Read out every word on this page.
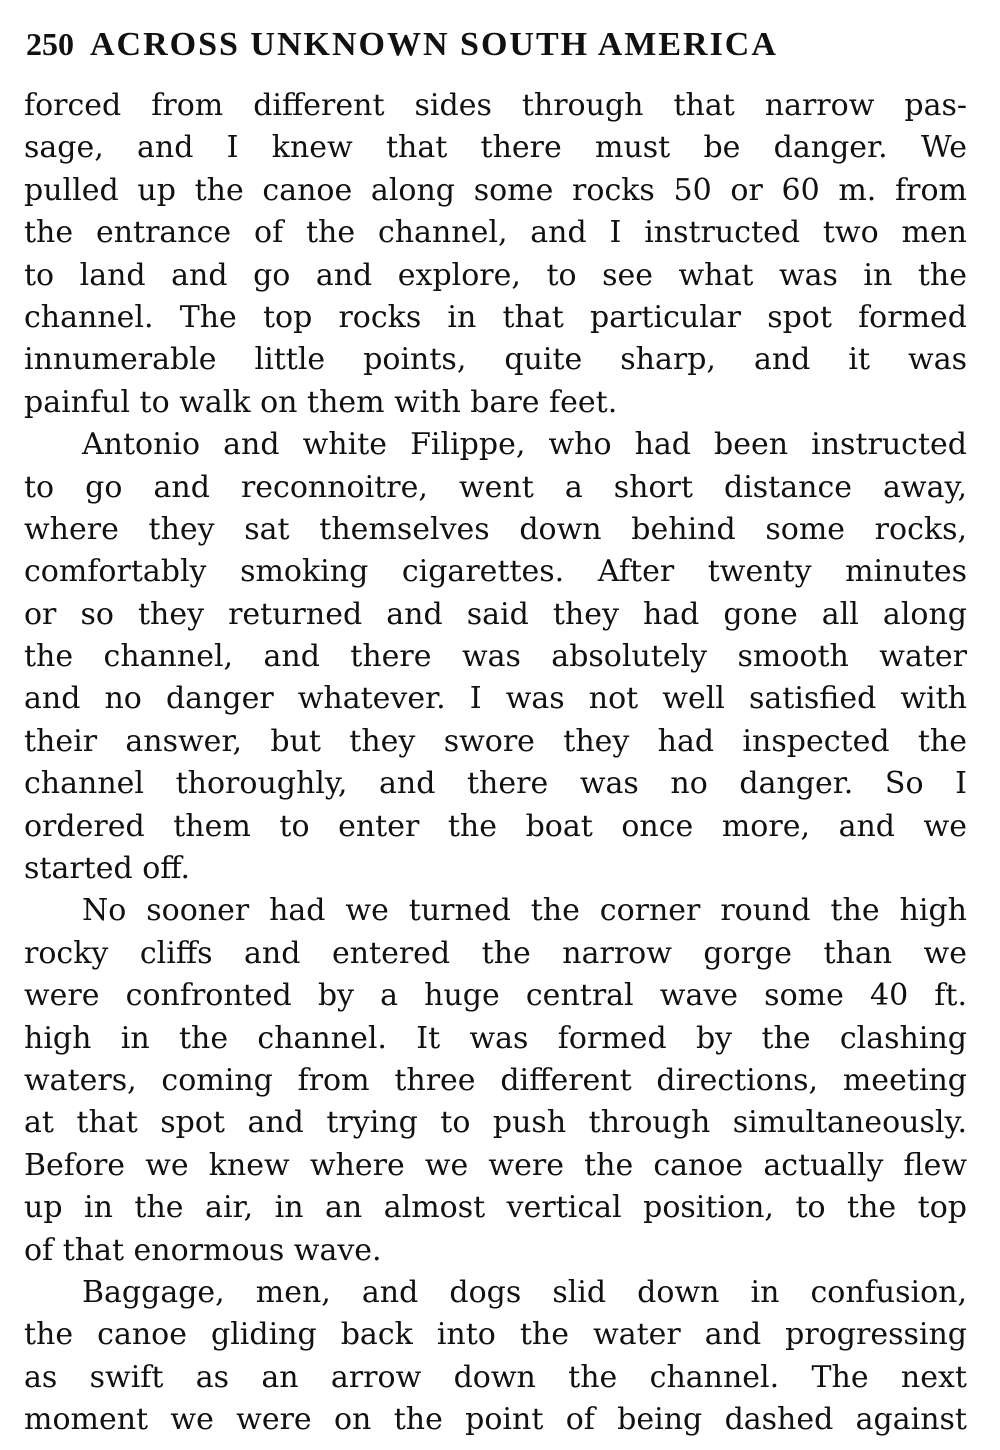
250 ACROSS UNKNOWN SOUTH AMERICA
forced from different sides through that narrow pas-
sage, and I knew that there must be danger. We
pulled up the canoe along some rocks 50 or 60 m. from
the entrance of the channel, and I instructed two men
to land and go and explore, to see what was in the
channel. The top rocks in that particular spot formed
innumerable little points, quite sharp, and it was
painful to walk on them with bare feet.
Antonio and white Filippe, who had been instructed
to go and reconnoitre, went a short distance away,
where they sat themselves down behind some rocks,
comfortably smoking cigarettes. After twenty minutes
or so they returned and said they had gone all along
the channel, and there was absolutely smooth water
and no danger whatever. I was not well satisfied with
their answer, but they swore they had inspected the
channel thoroughly, and there was no danger. So I
ordered them to enter the boat once more, and we
started off.
No sooner had we turned the corner round the high
rocky cliffs and entered the narrow gorge than we
were confronted by a huge central wave some 40 ft.
high in the channel. It was formed by the clashing
waters, coming from three different directions, meeting
at that spot and trying to push through simultaneously.
Before we knew where we were the canoe actually flew
up in the air, in an almost vertical position, to the top
of that enormous wave.
Baggage, men, and dogs slid down in confusion,
the canoe gliding back into the water and progressing
as swift as an arrow down the channel. The next
moment we were on the point of being dashed against
